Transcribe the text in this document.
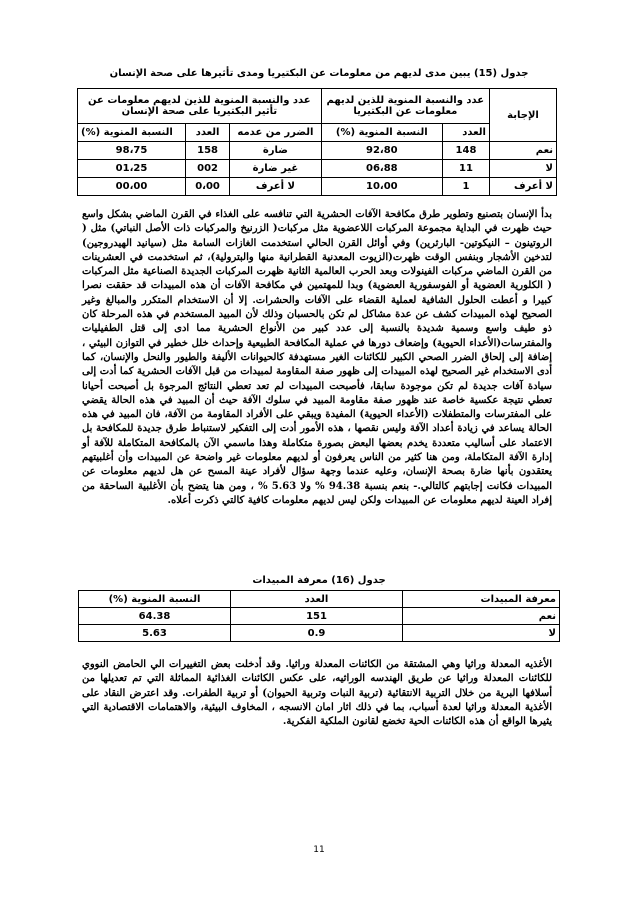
جدول (15) يبين مدى لديهم من معلومات عن البكتيريا ومدى تأثيرها على صحة الإنسان
الإجابة	عدد والنسبة المنوية للذين لديهم معلومات عن البكتيريا		عدد والنسبة المنوية للذين لديهم معلومات عن تأثير البكتيريا على صحة الإنسان		
	العدد	النسبة المنوية (%)	الضرر من عدمه	العدد	النسبة المنوية (%)
نعم	148	92،80	ضارة	158	98،75
لا	11	06،88	غير ضارة	002	01،25
لا أعرف	1	10،00	لا أعرف	0،00	00،00
بدأ الإنسان بتصنيع وتطوير طرق مكافحة الآفات الحشرية التي تنافسه على الغذاء في القرن الماضي بشكل واسع حيث ظهرت في البداية مجموعة المركبات اللاعضوية مثل مركبات( الزرنيخ والمركبات ذات الأصل النباتي) مثل ( الروتينون – النيكوتين- البارثرين) وفي أوائل القرن الحالي استخدمت الغازات السامة مثل (سيانيد الهيدروجين) لتدخين الأشجار وبنفس الوقت ظهرت(الزيوت المعدنية القطرانية منها والبترولية)، ثم استخدمت في العشرينات من القرن الماضي مركبات الفينولات وبعد الحرب العالمية الثانية ظهرت المركبات الجديدة الصناعية مثل المركبات ( الكلورية العضوية أو الفوسفورية العضوية) وبدا للمهتمين في مكافحة الآفات أن هذه المبيدات قد حققت نصرا كبيرا و أعطت الحلول الشافية لعملية القضاء على الآفات والحشرات. إلا أن الاستخدام المتكرر والمبالغ وغير الصحيح لهذه المبيدات كشف عن عدة مشاكل لم تكن بالحسبان وذلك لأن المبيد المستخدم في هذه المرحلة كان ذو طيف واسع وسمية شديدة بالنسبة إلى عدد كبير من الأنواع الحشرية مما ادى إلى قتل الطفيليات والمفترسات(الأعداء الحيوية) وإضعاف دورها في عملية المكافحة الطبيعية وإحداث خلل خطير في التوازن البيئي ، إضافة إلى إلحاق الضرر الصحي الكبير للكائنات الغير مستهدفة كالحيوانات الأليفة والطيور والنحل والإنسان، كما أدى الاستخدام غير الصحيح لهذه المبيدات إلى ظهور صفة المقاومة لمبيدات من قبل الآفات الحشرية كما أدت إلى سيادة آفات جديدة لم تكن موجودة سابقا، فأصبحت المبيدات لم تعد تعطي النتائج المرجوة بل أصبحت أحيانا تعطي نتيجة عكسية خاصة عند ظهور صفة مقاومة المبيد في سلوك الآفة حيث أن المبيد في هذه الحالة يقضي على المفترسات والمتطفلات (الأعداء الحيوية) المفيدة ويبقي على الأفراد المقاومة من الآفة، فان المبيد في هذه الحالة يساعد في زيادة أعداد الآفة وليس نقصها ، هذه الأمور أدت إلى التفكير لاستنباط طرق جديدة للمكافحة بل الاعتماد على أساليب متعددة يخدم بعضها البعض بصورة متكاملة وهذا ماسمي الآن بالمكافحة المتكاملة للآفة أو إدارة الآفة المتكاملة، ومن هنا كثير من الناس يعرفون أو لديهم معلومات غير واضحة عن المبيدات وأن أغلبيتهم يعتقدون بأنها ضارة بصحة الإنسان، وعليه عندما وجهة سؤال لأفراد عينة المسح عن هل لديهم معلومات عن المبيدات فكانت إجابتهم كالتالي.- بنعم بنسبة 94.38 % ولا 5.63 % ، ومن هنا يتضح بأن الأغلبية الساحقة من إفراد العينة لديهم معلومات عن المبيدات ولكن ليس لديهم معلومات كافية كالتي ذكرت أعلاه.
جدول (16) معرفة المبيدات
معرفة المبيدات	العدد	النسبة المنوية (%)
نعم	151	64.38
لا	0.9	5.63
الأغذيه المعدلة وراثيا وهي المشتقة من الكائنات المعدلة وراثيا. وقد أدخلت بعض التغييرات الي الحامض النووي للكائنات المعدلة وراثيا عن طريق الهندسه الوراثيه، على عكس الكائنات الغذائية المماثلة التي تم تعديلها من أسلافها البرية من خلال التربية الانتقائية (تربية النبات وتربية الحيوان) أو تربية الطفرات. وقد اعترض النقاد على الأغذية المعدلة وراثيا لعدة أسباب، بما في ذلك اثار امان الانسجه ، المخاوف البيئية، والاهتمامات الاقتصادية التي يثيرها الواقع أن هذه الكائنات الحية تخضع لقانون الملكية الفكرية.
11
